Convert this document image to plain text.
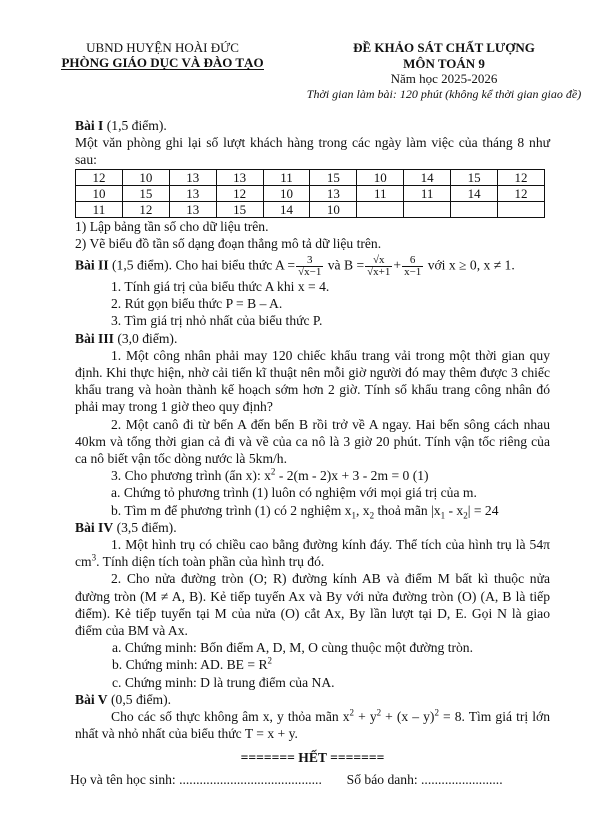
UBND HUYỆN HOÀI ĐỨC
PHÒNG GIÁO DỤC VÀ ĐÀO TẠO
ĐỀ KHẢO SÁT CHẤT LƯỢNG
MÔN TOÁN 9
Năm học 2025-2026
Thời gian làm bài: 120 phút (không kể thời gian giao đề)

Bài I (1,5 điểm).

Một văn phòng ghi lại số lượt khách hàng trong các ngày làm việc của tháng 8 như sau:

12	10	13	13	11	15	10	14	15	12
10	15	13	12	10	13	11	11	14	12
11	12	13	15	14	10				

1) Lập bảng tần số cho dữ liệu trên.

2) Vẽ biểu đồ tần số dạng đoạn thẳng mô tả dữ liệu trên.

Bài II (1,5 điểm). Cho hai biểu thức $A = \frac{3}{√x-1}$ và $B = \frac{√x}{√x+1} + \frac{6}{x-1}$ với x ≥ 0, x ≠ 1.

1. Tính giá trị của biểu thức A khi x = 4.

2. Rút gọn biểu thức P = B – A.

3. Tìm giá trị nhỏ nhất của biểu thức P.

Bài III (3,0 điểm).

1. Một công nhân phải may 120 chiếc khẩu trang vải trong một thời gian quy định. Khi thực hiện, nhờ cải tiến kĩ thuật nên mỗi giờ người đó may thêm được 3 chiếc khẩu trang và hoàn thành kế hoạch sớm hơn 2 giờ. Tính số khẩu trang công nhân đó phải may trong 1 giờ theo quy định?

2. Một canô đi từ bến A đến bến B rồi trở về A ngay. Hai bến sông cách nhau 40km và tổng thời gian cả đi và về của ca nô là 3 giờ 20 phút. Tính vận tốc riêng của ca nô biết vận tốc dòng nước là 5km/h.

3. Cho phương trình (ẩn x): $x^2 - 2(m - 2)x + 3 - 2m = 0$ (1)

a. Chứng tỏ phương trình (1) luôn có nghiệm với mọi giá trị của m.

b. Tìm m để phương trình (1) có 2 nghiệm $x_1$, $x_2$ thoả mãn $|x_1 - x_2| = 24$

Bài IV (3,5 điểm).

1. Một hình trụ có chiều cao bằng đường kính đáy. Thể tích của hình trụ là 54π $cm^3$. Tính diện tích toàn phần của hình trụ đó.

2. Cho nửa đường tròn (O; R) đường kính AB và điểm M bất kì thuộc nửa đường tròn (M ≠ A, B). Kẻ tiếp tuyến Ax và By với nửa đường tròn (O) (A, B là tiếp điểm). Kẻ tiếp tuyến tại M của nửa (O) cắt Ax, By lần lượt tại D, E. Gọi N là giao điểm của BM và Ax.

a. Chứng minh: Bốn điểm A, D, M, O cùng thuộc một đường tròn.

b. Chứng minh: AD. BE = $R^2$

c. Chứng minh: D là trung điểm của NA.

Bài V (0,5 điểm).

Cho các số thực không âm x, y thỏa mãn $x^2 + y^2 + (x - y)^2 = 8$. Tìm giá trị lớn nhất và nhỏ nhất của biểu thức T = x + y.

======= HẾT =======

Họ và tên học sinh: .......................................... Số báo danh: ........................
